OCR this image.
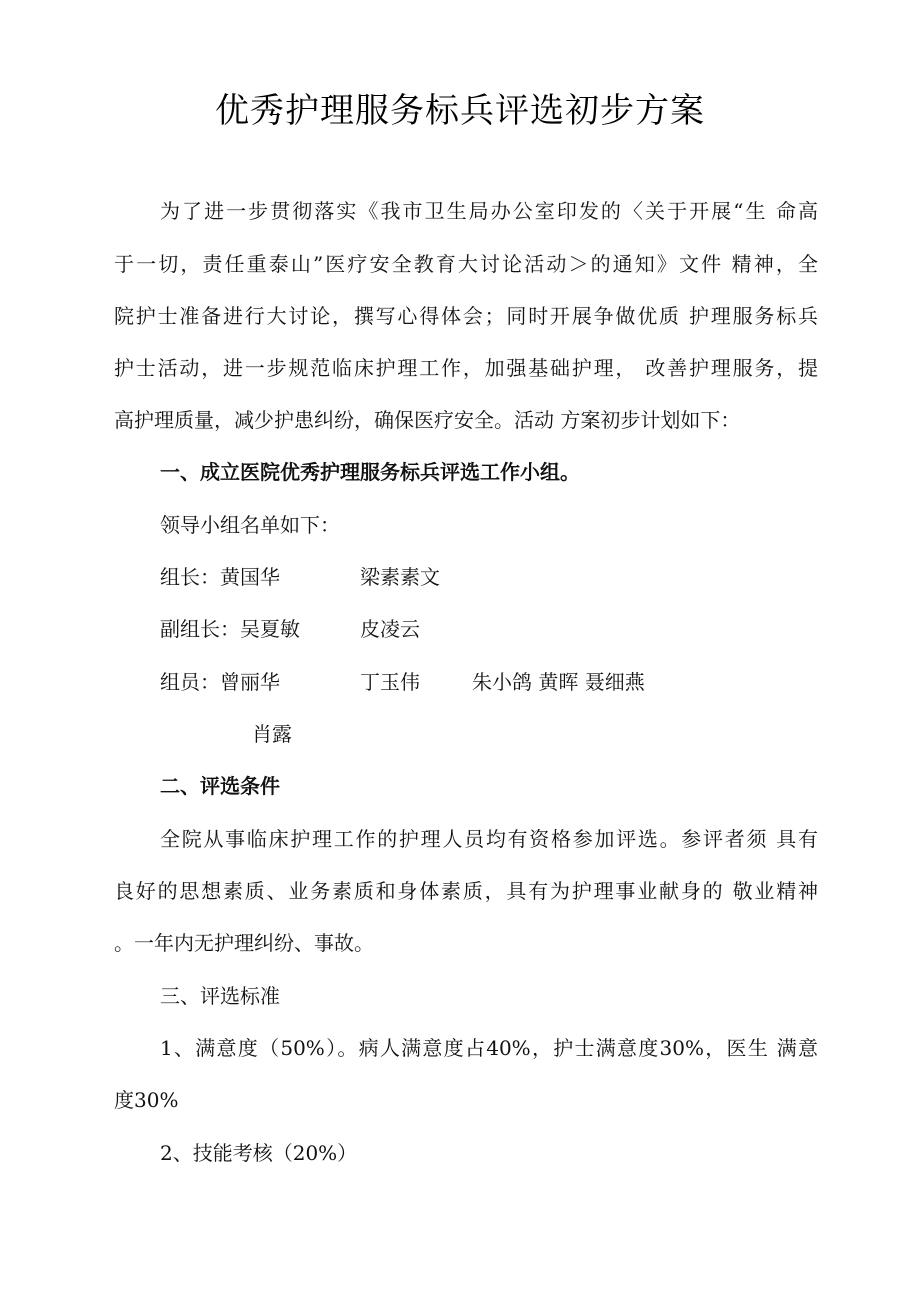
优秀护理服务标兵评选初步方案
为了进一步贯彻落实《我市卫生局办公室印发的〈关于开展“生 命高
于一切，责任重泰山”医疗安全教育大讨论活动＞的通知》文件 精神，全
院护士准备进行大讨论，撰写心得体会；同时开展争做优质 护理服务标兵
护士活动，进一步规范临床护理工作，加强基础护理， 改善护理服务，提
高护理质量，减少护患纠纷，确保医疗安全。活动 方案初步计划如下：
一、成立医院优秀护理服务标兵评选工作小组。
领导小组名单如下：
组长：黄国华	梁素素文
副组长：吴夏敏	皮凌云
组员：曾丽华	丁玉伟	朱小鸽 黄晖 聂细燕
肖露
二、评选条件
全院从事临床护理工作的护理人员均有资格参加评选。参评者须 具有
良好的思想素质、业务素质和身体素质，具有为护理事业献身的 敬业精神
。一年内无护理纠纷、事故。
三、评选标准
1、满意度（50%）。病人满意度占40%，护士满意度30%，医生 满意
度30%
2、技能考核（20%）
